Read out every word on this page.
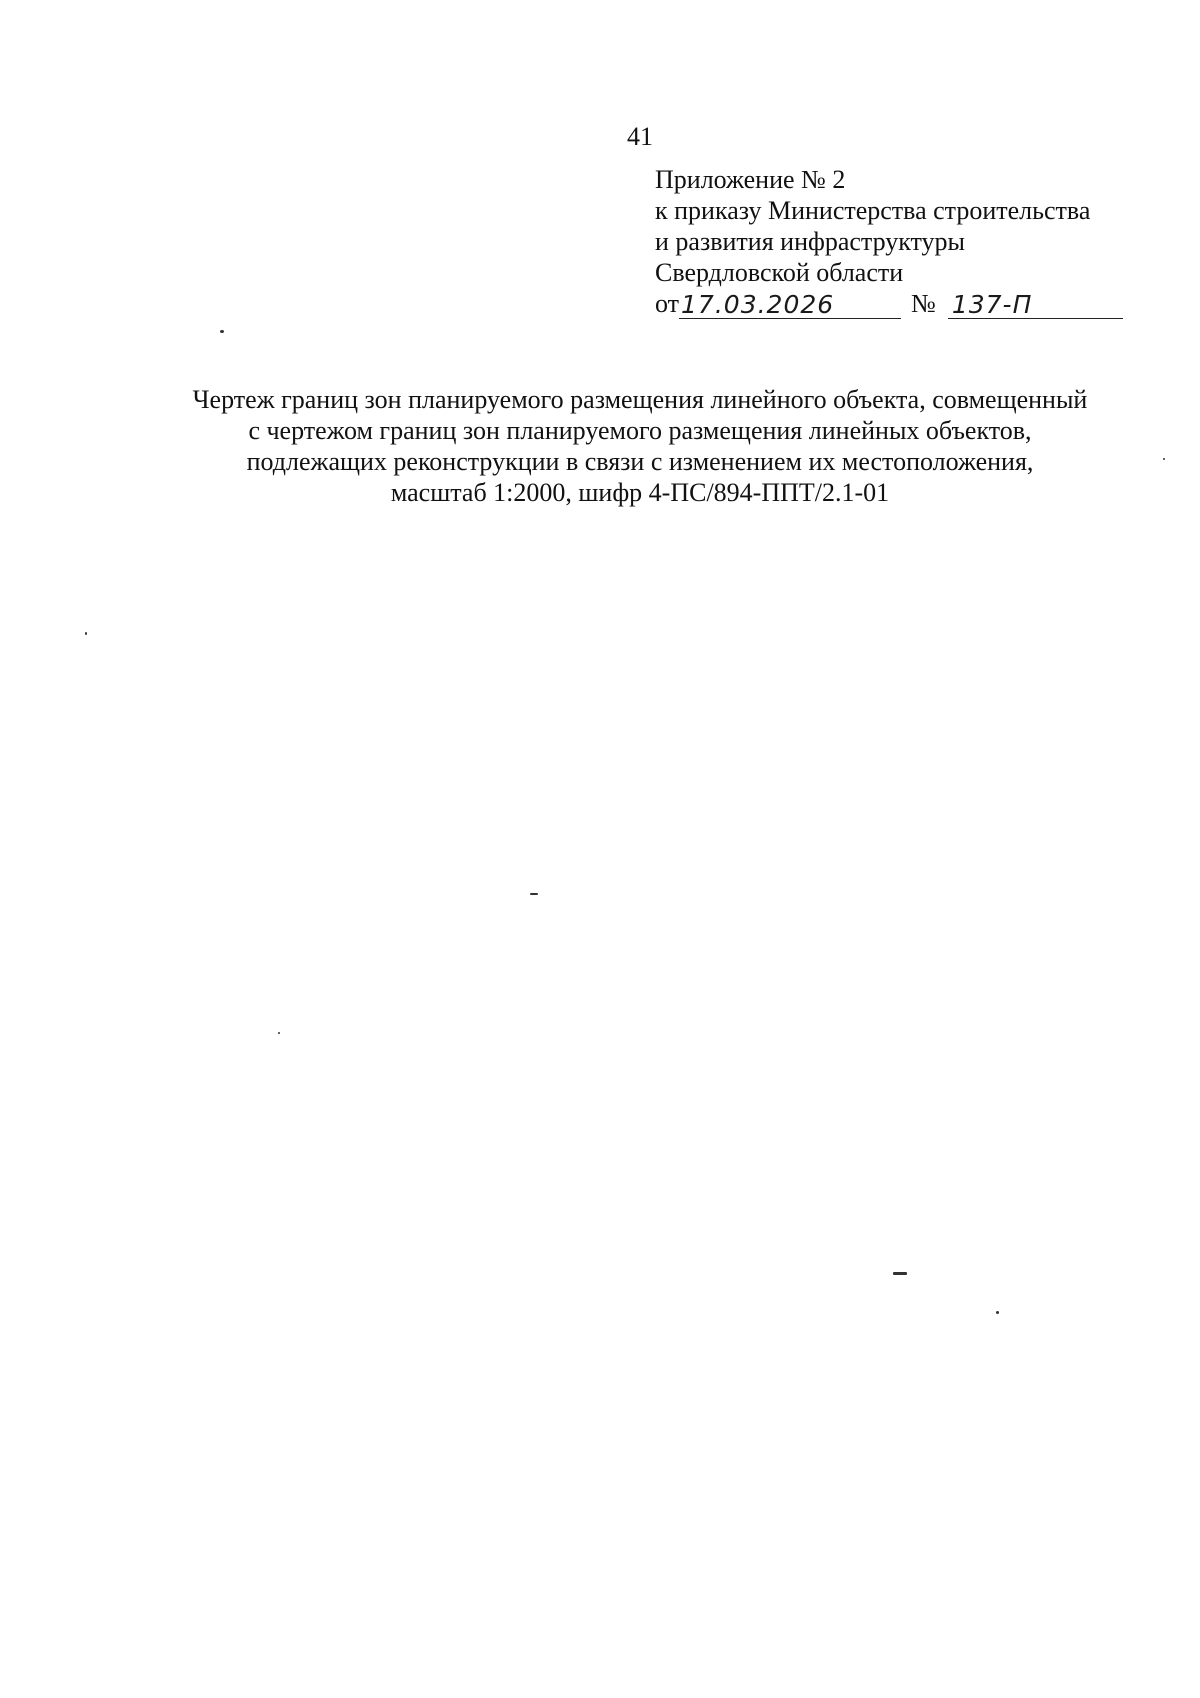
41
Приложение № 2
к приказу Министерства строительства
и развития инфраструктуры
Свердловской области
от 17.03.2026	№ 137-П
Чертеж границ зон планируемого размещения линейного объекта, совмещенный
с чертежом границ зон планируемого размещения линейных объектов,
подлежащих реконструкции в связи с изменением их местоположения,
масштаб 1:2000, шифр 4-ПС/894-ППТ/2.1-01
